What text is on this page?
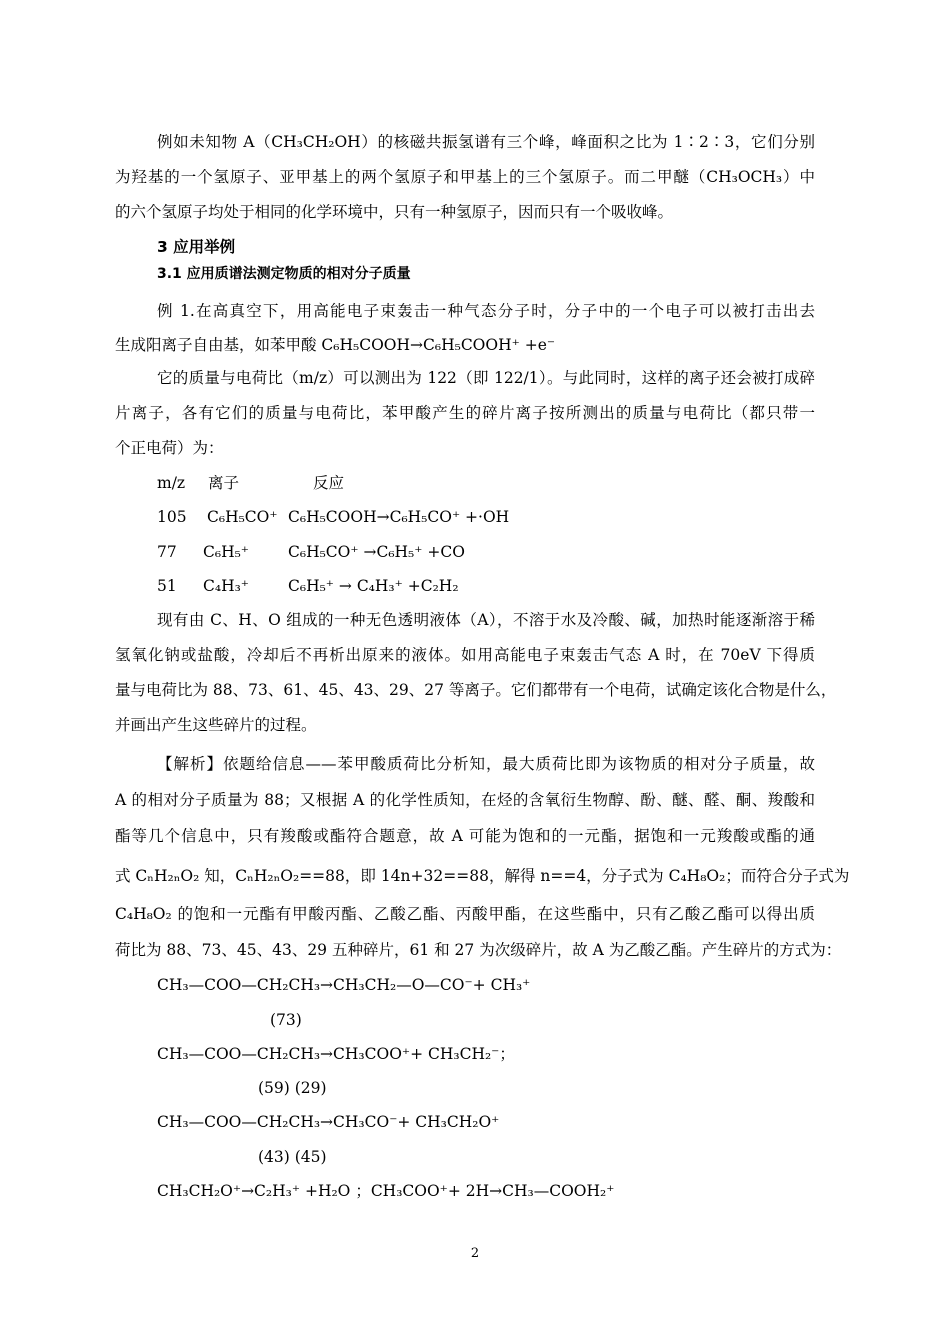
例如未知物 A（CH₃CH₂OH）的核磁共振氢谱有三个峰，峰面积之比为 1∶2∶3，它们分别
为羟基的一个氢原子、亚甲基上的两个氢原子和甲基上的三个氢原子。而二甲醚（CH₃OCH₃）中
的六个氢原子均处于相同的化学环境中，只有一种氢原子，因而只有一个吸收峰。
3 应用举例
3.1 应用质谱法测定物质的相对分子质量
例 1.在高真空下，用高能电子束轰击一种气态分子时，分子中的一个电子可以被打击出去
生成阳离子自由基，如苯甲酸 C₆H₅COOH→C₆H₅COOH⁺ +e⁻
它的质量与电荷比（m/z）可以测出为 122（即 122/1）。与此同时，这样的离子还会被打成碎
片离子，各有它们的质量与电荷比，苯甲酸产生的碎片离子按所测出的质量与电荷比（都只带一
个正电荷）为：
m/z 离子	反应
105 C₆H₅CO⁺ C₆H₅COOH→C₆H₅CO⁺ +·OH
77 C₆H₅⁺	C₆H₅CO⁺ →C₆H₅⁺ +CO
51 C₄H₃⁺	C₆H₅⁺ → C₄H₃⁺ +C₂H₂
现有由 C、H、O 组成的一种无色透明液体（A），不溶于水及冷酸、碱，加热时能逐渐溶于稀
氢氧化钠或盐酸，冷却后不再析出原来的液体。如用高能电子束轰击气态 A 时，在 70eV 下得质
量与电荷比为 88、73、61、45、43、29、27 等离子。它们都带有一个电荷，试确定该化合物是什么，
并画出产生这些碎片的过程。
【解析】依题给信息——苯甲酸质荷比分析知，最大质荷比即为该物质的相对分子质量，故
A 的相对分子质量为 88；又根据 A 的化学性质知，在烃的含氧衍生物醇、酚、醚、醛、酮、羧酸和
酯等几个信息中，只有羧酸或酯符合题意，故 A 可能为饱和的一元酯，据饱和一元羧酸或酯的通
式 CₙH₂ₙO₂ 知，CₙH₂ₙO₂==88，即 14n+32==88，解得 n==4，分子式为 C₄H₈O₂；而符合分子式为
C₄H₈O₂ 的饱和一元酯有甲酸丙酯、乙酸乙酯、丙酸甲酯，在这些酯中，只有乙酸乙酯可以得出质
荷比为 88、73、45、43、29 五种碎片，61 和 27 为次级碎片，故 A 为乙酸乙酯。产生碎片的方式为：
CH₃—COO—CH₂CH₃→CH₃CH₂—O—CO⁻+ CH₃⁺
(73)
CH₃—COO—CH₂CH₃→CH₃COO⁺+ CH₃CH₂⁻；
(59) (29)
CH₃—COO—CH₂CH₃→CH₃CO⁻+ CH₃CH₂O⁺
(43) (45)
CH₃CH₂O⁺→C₂H₃⁺ +H₂O ；CH₃COO⁺+ 2H→CH₃—COOH₂⁺
2
